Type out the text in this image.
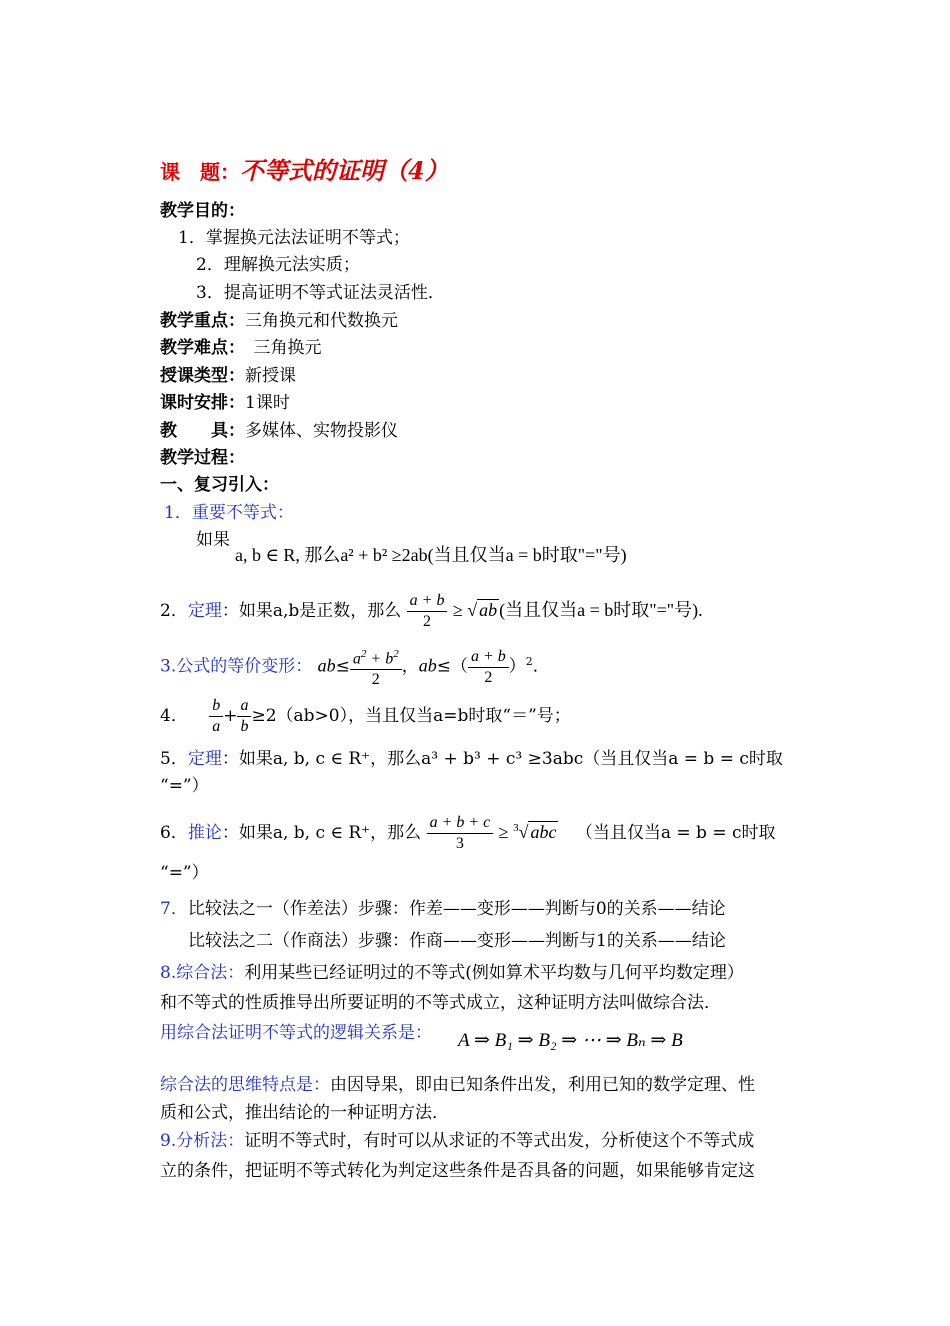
课　题：不等式的证明（4）
教学目的：
1．掌握换元法法证明不等式；
2．理解换元法实质；
3．提高证明不等式证法灵活性．
教学重点：三角换元和代数换元
教学难点：　三角换元
授课类型：新授课
课时安排：1课时
教　　具：多媒体、实物投影仪
教学过程：
一、复习引入：
1．重要不等式：
如果
a, b ∈ R, 那么a² + b² ≥2ab(当且仅当a = b时取"="号)
2．定理：如果a,b是正数，那么 $\frac{a + b}{2}$ ≥ √ ab (当且仅当a = b时取"="号).
3.公式的等价变形： $ab\le \frac{a^2 + b^2}{2}$ ，$ab\le( \frac{a + b}{2} )^2$．
4． $\frac{b}{a} + \frac{a}{b} \ge 2(ab>0)$，当且仅当a=b时取“＝”号；
5．定理：如果a, b, c ∈ R⁺，那么a³ + b³ + c³ ≥3abc（当且仅当a = b = c时取
“=”）
6．推论：如果a, b, c ∈ R⁺，那么 $\frac{a + b + c}{3} \ge ^3√$ abc （当且仅当a = b = c时取
“=”）
7．比较法之一（作差法）步骤：作差——变形——判断与0的关系——结论
比较法之二（作商法）步骤：作商——变形——判断与1的关系——结论
8.综合法：利用某些已经证明过的不等式(例如算术平均数与几何平均数定理）
和不等式的性质推导出所要证明的不等式成立，这种证明方法叫做综合法．
用综合法证明不等式的逻辑关系是： A ⇒ B₁ ⇒ B₂ ⇒ ⋯ ⇒ Bₙ ⇒ B
综合法的思维特点是：由因导果，即由已知条件出发，利用已知的数学定理、性
质和公式，推出结论的一种证明方法．
9.分析法：证明不等式时，有时可以从求证的不等式出发，分析使这个不等式成
立的条件，把证明不等式转化为判定这些条件是否具备的问题，如果能够肯定这
